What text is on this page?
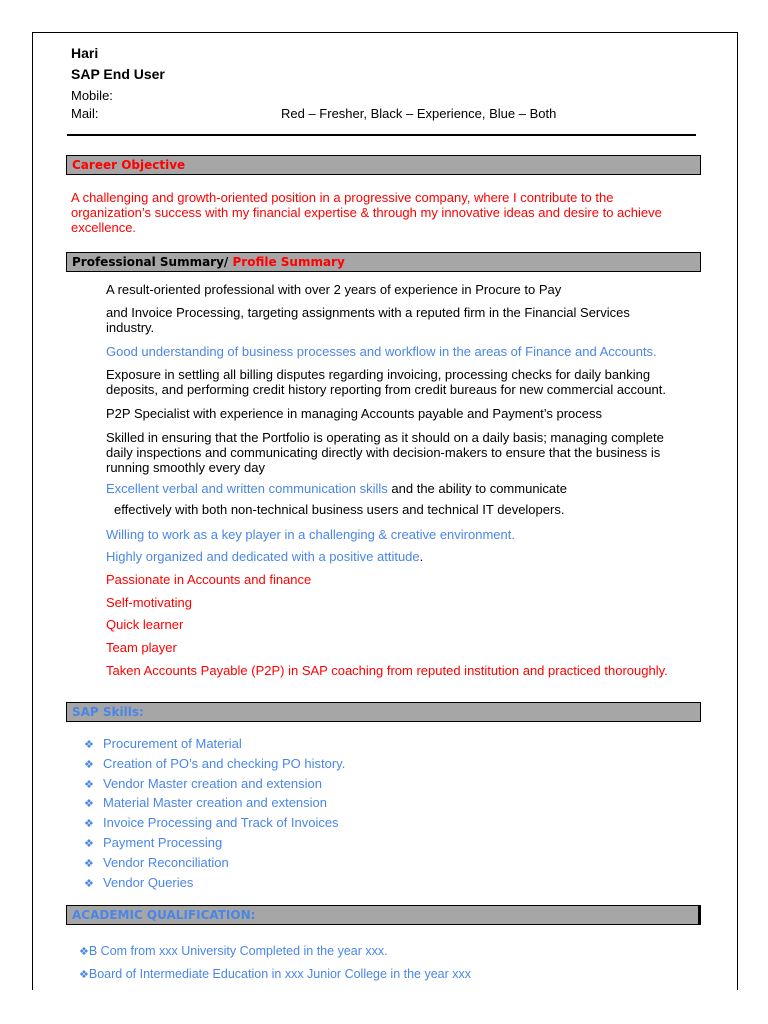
Hari
SAP End User
Mobile:
Mail:	Red – Fresher, Black – Experience, Blue – Both
Career Objective
A challenging and growth-oriented position in a progressive company, where I contribute to the
organization’s success with my financial expertise & through my innovative ideas and desire to achieve
excellence.
Professional Summary/ Profile Summary
A result-oriented professional with over 2 years of experience in Procure to Pay
and Invoice Processing, targeting assignments with a reputed firm in the Financial Services
industry.
Good understanding of business processes and workflow in the areas of Finance and Accounts.
Exposure in settling all billing disputes regarding invoicing, processing checks for daily banking
deposits, and performing credit history reporting from credit bureaus for new commercial account.
P2P Specialist with experience in managing Accounts payable and Payment’s process
Skilled in ensuring that the Portfolio is operating as it should on a daily basis; managing complete
daily inspections and communicating directly with decision-makers to ensure that the business is
running smoothly every day
Excellent verbal and written communication skills and the ability to communicate
effectively with both non-technical business users and technical IT developers.
Willing to work as a key player in a challenging & creative environment.
Highly organized and dedicated with a positive attitude.
Passionate in Accounts and finance
Self-motivating
Quick learner
Team player
Taken Accounts Payable (P2P) in SAP coaching from reputed institution and practiced thoroughly.
SAP Skills:
❖ Procurement of Material
❖ Creation of PO’s and checking PO history.
❖ Vendor Master creation and extension
❖ Material Master creation and extension
❖ Invoice Processing and Track of Invoices
❖ Payment Processing
❖ Vendor Reconciliation
❖ Vendor Queries
ACADEMIC QUALIFICATION:
❖B Com from xxx University Completed in the year xxx.
❖Board of Intermediate Education in xxx Junior College in the year xxx
